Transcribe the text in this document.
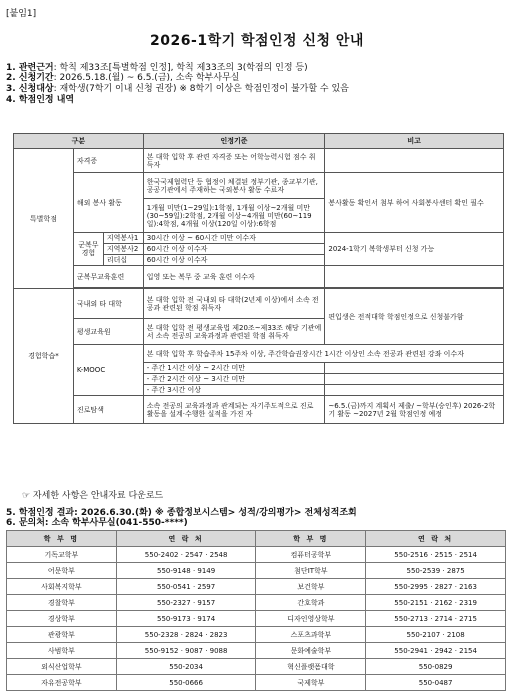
[붙임1]
2026-1학기 학점인정 신청 안내
1. 관련근거: 학칙 제33조[특별학점 인정], 학칙 제33조의 3(학점의 인정 등)
2. 신청기간: 2026.5.18.(월) ~ 6.5.(금), 소속 학부사무실
3. 신청대상: 재학생(7학기 이내 신청 권장) ※ 8학기 이상은 학점인정이 불가할 수 있음
4. 학점인정 내역
구분			인정기준	비고
특별학점	자격증		본 대학 입학 후 관련 자격증 또는 어학능력시험 점수 취득자	
	해외 봉사 활동		한국국제협력단 등 협정이 체결된 정부기관, 종교부기관, 공공기관에서 주재하는 국외봉사 활동 수료자	봉사활동 확인서 첨부 하여 사회봉사센터 확인 필수
			1개월 미만(1~29일):1학점, 1개월 이상~2개월 미만(30~59일):2학점, 2개월 이상~4개월 미만(60~119일):4학점, 4개월 이상(120일 이상):6학점	
	군복무 경험	지역봉사1	30시간 이상 ~ 60시간 미만 이수자	2024-1학기 복학생부터 신청 가능
		지역봉사2	60시간 이상 이수자	
		리더십	60시간 이상 이수자	
	군복무교육훈련		입영 또는 복무 중 교육 훈련 이수자	

경험학습*	국내외 타 대학		본 대학 입학 전 국내외 타 대학(2년제 이상)에서 소속 전공과 관련된 학점 취득자	편입생은 전적대학 학점인정으로 신청불가함
	평생교육원		본 대학 입학 전 평생교육법 제20조~제33조 해당 기관에서 소속 전공의 교육과정과 관련된 학점 취득자	
	K-MOOC		본 대학 입학 후 학습주차 15주차 이상, 주간학습권장시간 1시간 이상인 소속 전공과 관련된 강좌 이수자	
			- 주간 1시간 이상 ~ 2시간 미만	
			- 주간 2시간 이상 ~ 3시간 미만	
			- 주간 3시간 이상	
	진로탐색		소속 전공의 교육과정과 관계되는 자기주도적으로 진로 활동을 설계·수행한 실적을 가진 자	~6.5.(금)까지 계획서 제출/ ~학부(승인후) 2026-2학기 활동 ~2027년 2월 학점인정 예정
☞ 자세한 사항은 안내자료 다운로드
5. 학점인정 결과: 2026.6.30.(화) ※ 종합정보시스템> 성적/강의평가> 전체성적조회
6. 문의처: 소속 학부사무실(041-550-****)
학 부 명	연 락 처	학 부 명	연 락 처
기독교학부	550-2402 · 2547 · 2548	컴퓨터공학부	550-2516 · 2515 · 2514
어문학부	550-9148 · 9149	첨단IT학부	550-2539 · 2875
사회복지학부	550-0541 · 2597	보건학부	550-2995 · 2827 · 2163
경찰학부	550-2327 · 9157	간호학과	550-2151 · 2162 · 2319
경상학부	550-9173 · 9174	디자인영상학부	550-2713 · 2714 · 2715
관광학부	550-2328 · 2824 · 2823	스포츠과학부	550-2107 · 2108
사범학부	550-9152 · 9087 · 9088	문화예술학부	550-2941 · 2942 · 2154
외식산업학부	550-2034	혁신플랫폼대학	550-0829
자유전공학부	550-0666	국제학부	550-0487
